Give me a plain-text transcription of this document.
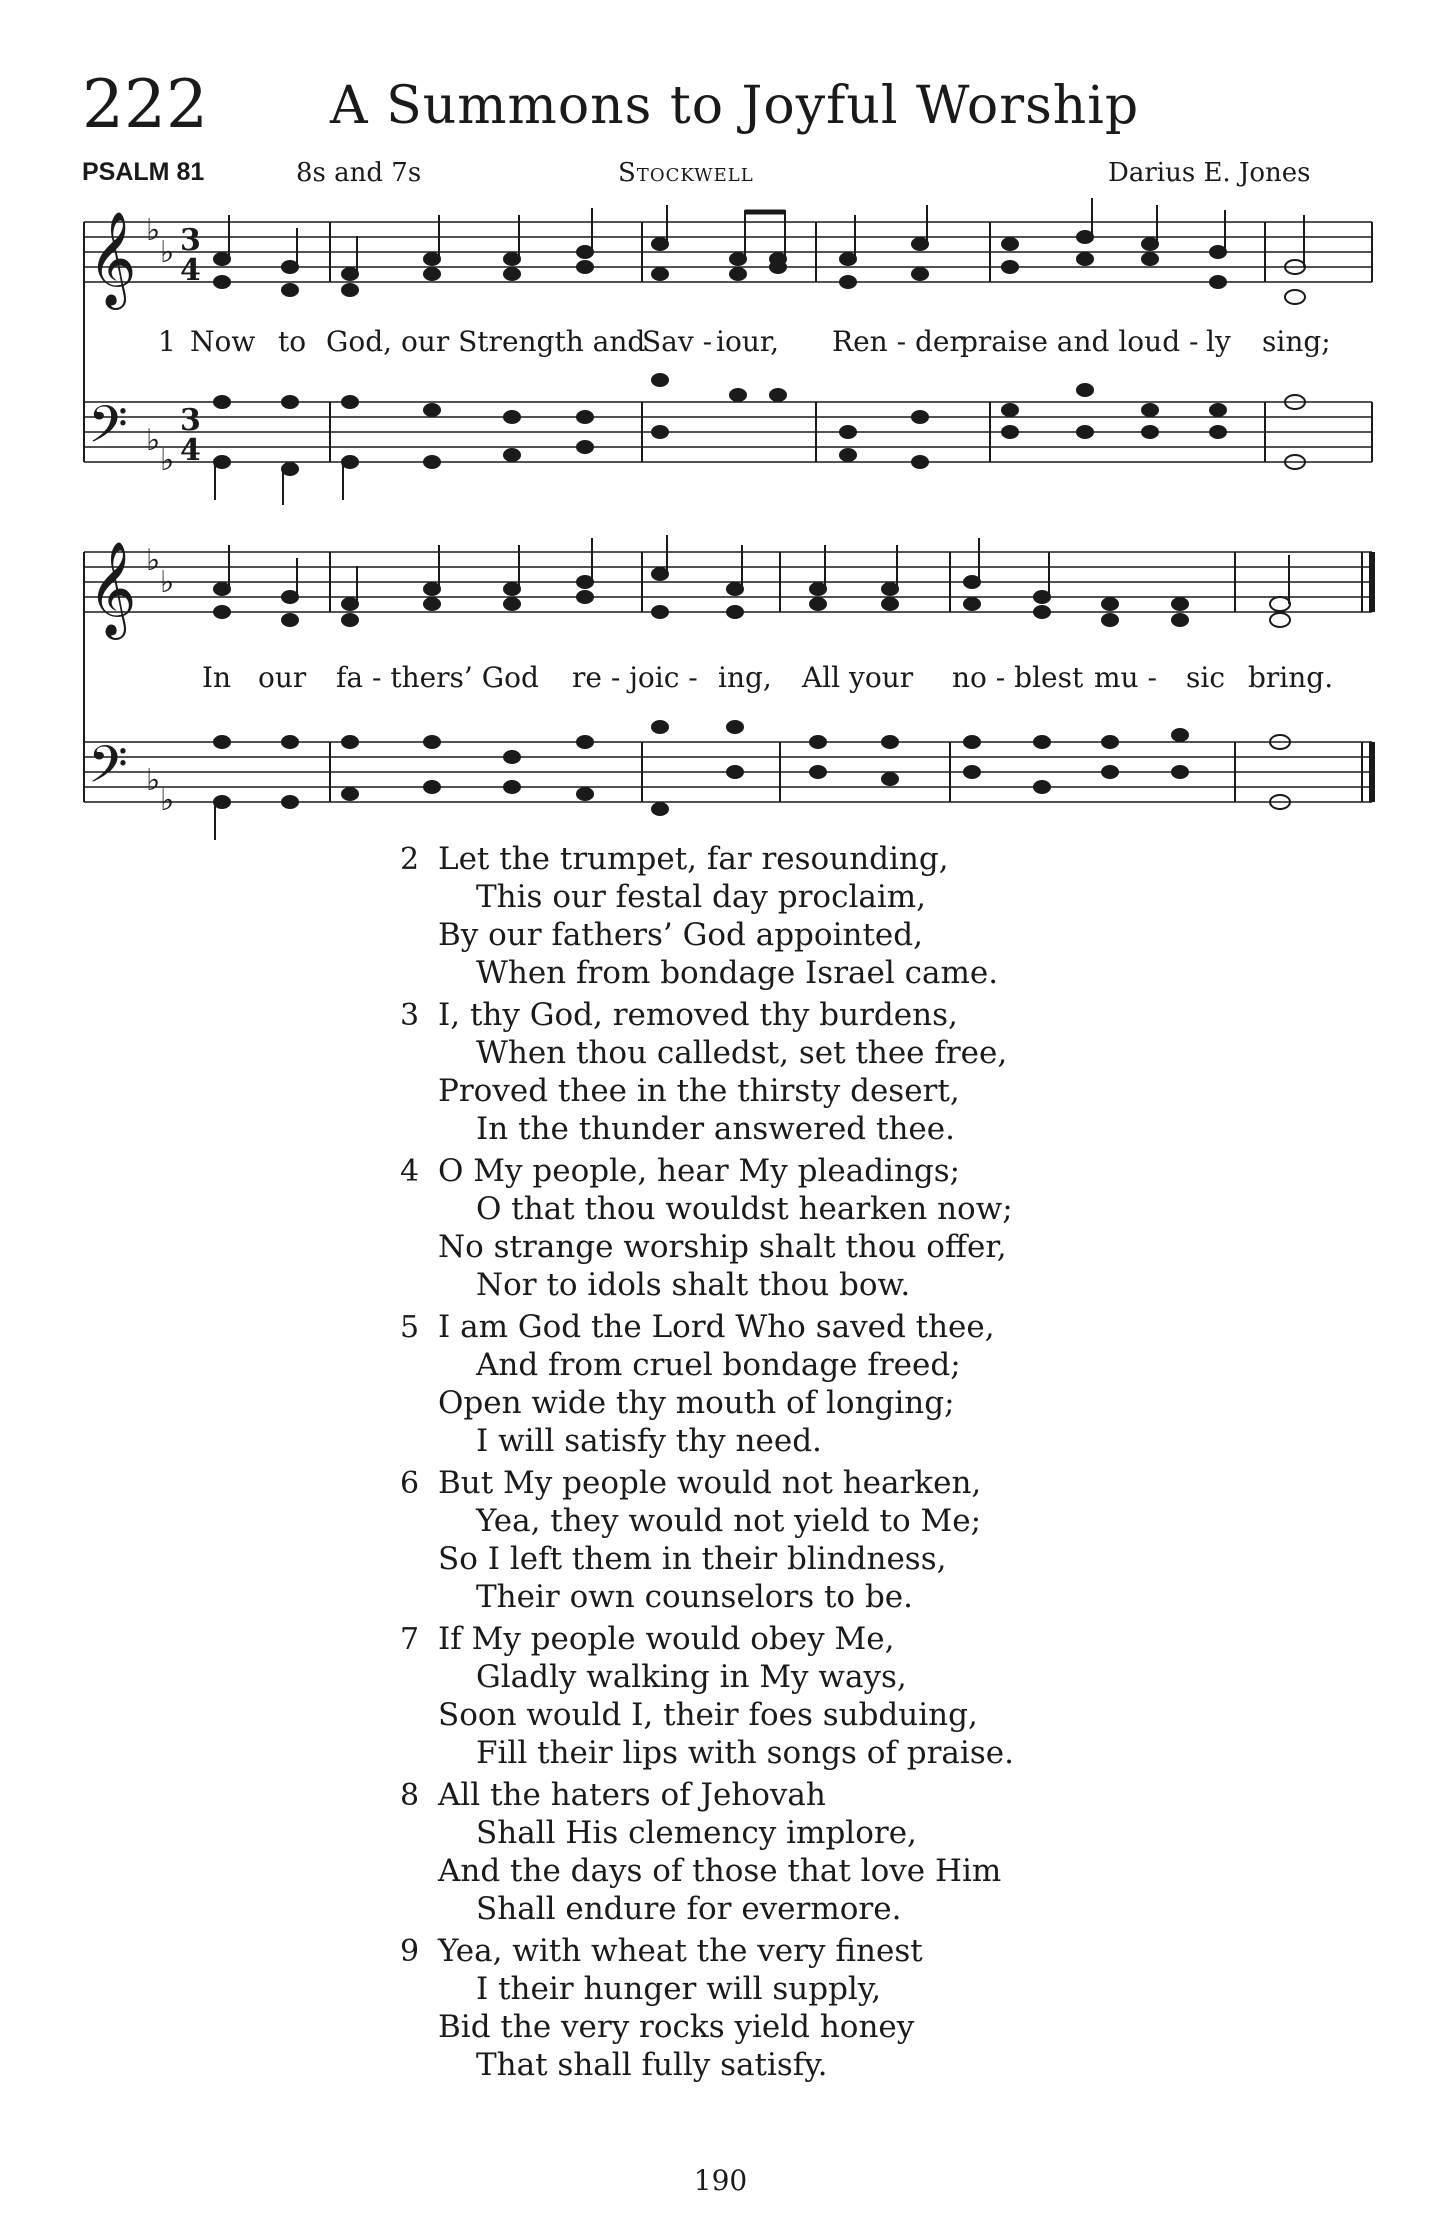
222 A Summons to Joyful Worship
PSALM 81	8s and 7s	Stockwell	Darius E. Jones
𝄞
𝄢
♭
♭
♭
♭
3
4
3
4
𝄞
𝄢
♭
♭
♭
♭
1 Now to God, our Strength and
Sav - iour, Ren - der
praise and loud - ly sing;
In our fa - thers’ God re - joic - ing, All your no - blest mu - sic bring.
2 Let the trumpet, far resounding,
This our festal day proclaim,
By our fathers’ God appointed,
When from bondage Israel came.
3 I, thy God, removed thy burdens,
When thou calledst, set thee free,
Proved thee in the thirsty desert,
In the thunder answered thee.
4 O My people, hear My pleadings;
O that thou wouldst hearken now;
No strange worship shalt thou offer,
Nor to idols shalt thou bow.
5 I am God the Lord Who saved thee,
And from cruel bondage freed;
Open wide thy mouth of longing;
I will satisfy thy need.
6 But My people would not hearken,
Yea, they would not yield to Me;
So I left them in their blindness,
Their own counselors to be.
7 If My people would obey Me,
Gladly walking in My ways,
Soon would I, their foes subduing,
Fill their lips with songs of praise.
8 All the haters of Jehovah
Shall His clemency implore,
And the days of those that love Him
Shall endure for evermore.
9 Yea, with wheat the very finest
I their hunger will supply,
Bid the very rocks yield honey
That shall fully satisfy.
190
